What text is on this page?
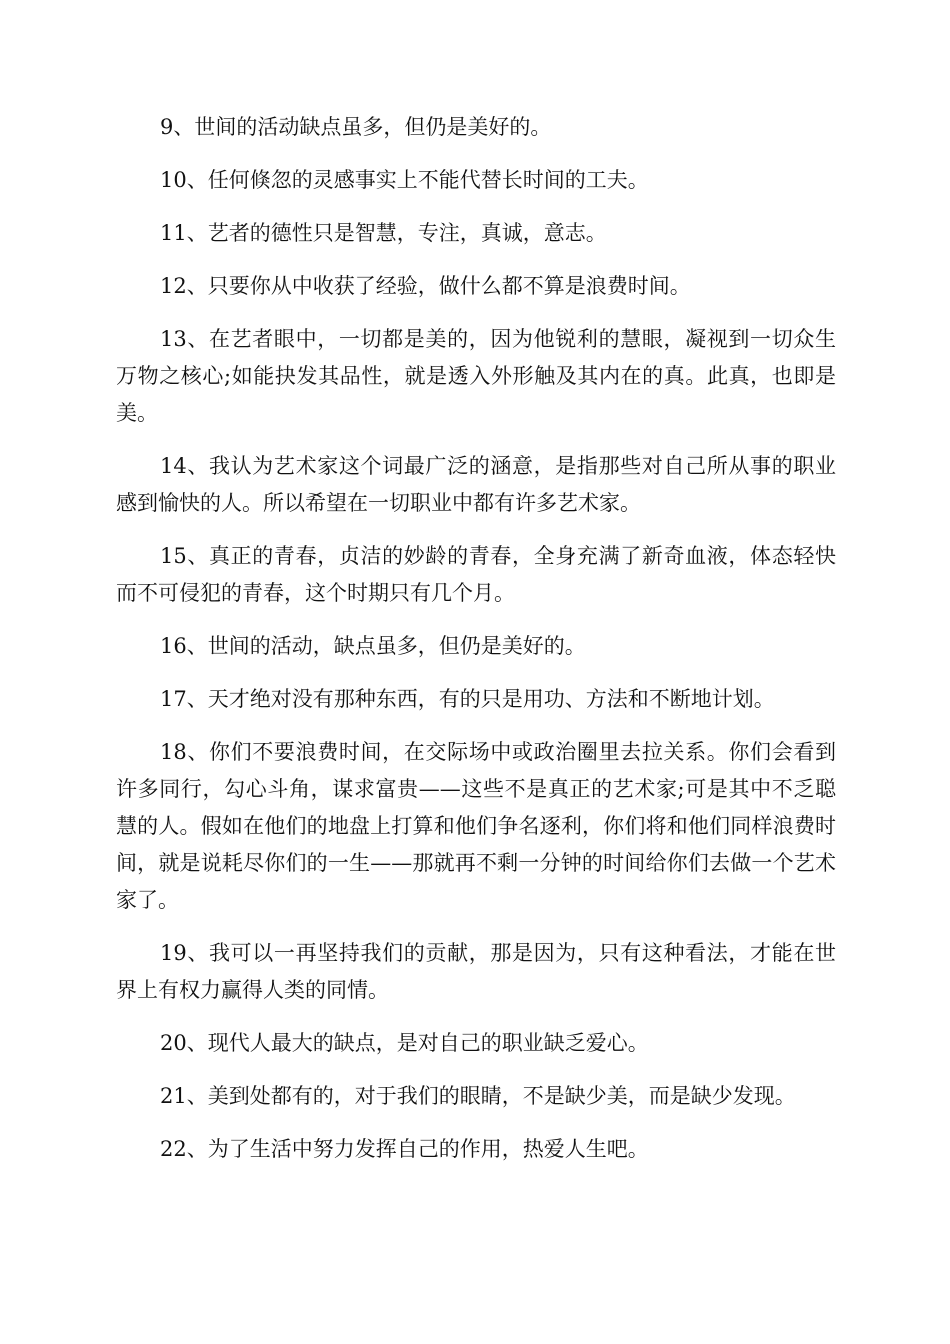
9、世间的活动缺点虽多，但仍是美好的。

10、任何倏忽的灵感事实上不能代替长时间的工夫。

11、艺者的德性只是智慧，专注，真诚，意志。

12、只要你从中收获了经验，做什么都不算是浪费时间。

13、在艺者眼中，一切都是美的，因为他锐利的慧眼，凝视到一切众生万物之核心;如能抉发其品性，就是透入外形触及其内在的真。此真，也即是美。

14、我认为艺术家这个词最广泛的涵意，是指那些对自己所从事的职业感到愉快的人。所以希望在一切职业中都有许多艺术家。

15、真正的青春，贞洁的妙龄的青春，全身充满了新奇血液，体态轻快而不可侵犯的青春，这个时期只有几个月。

16、世间的活动，缺点虽多，但仍是美好的。

17、天才绝对没有那种东西，有的只是用功、方法和不断地计划。

18、你们不要浪费时间，在交际场中或政治圈里去拉关系。你们会看到许多同行，勾心斗角，谋求富贵——这些不是真正的艺术家;可是其中不乏聪慧的人。假如在他们的地盘上打算和他们争名逐利，你们将和他们同样浪费时间，就是说耗尽你们的一生——那就再不剩一分钟的时间给你们去做一个艺术家了。

19、我可以一再坚持我们的贡献，那是因为，只有这种看法，才能在世界上有权力赢得人类的同情。

20、现代人最大的缺点，是对自己的职业缺乏爱心。

21、美到处都有的，对于我们的眼睛，不是缺少美，而是缺少发现。

22、为了生活中努力发挥自己的作用，热爱人生吧。
